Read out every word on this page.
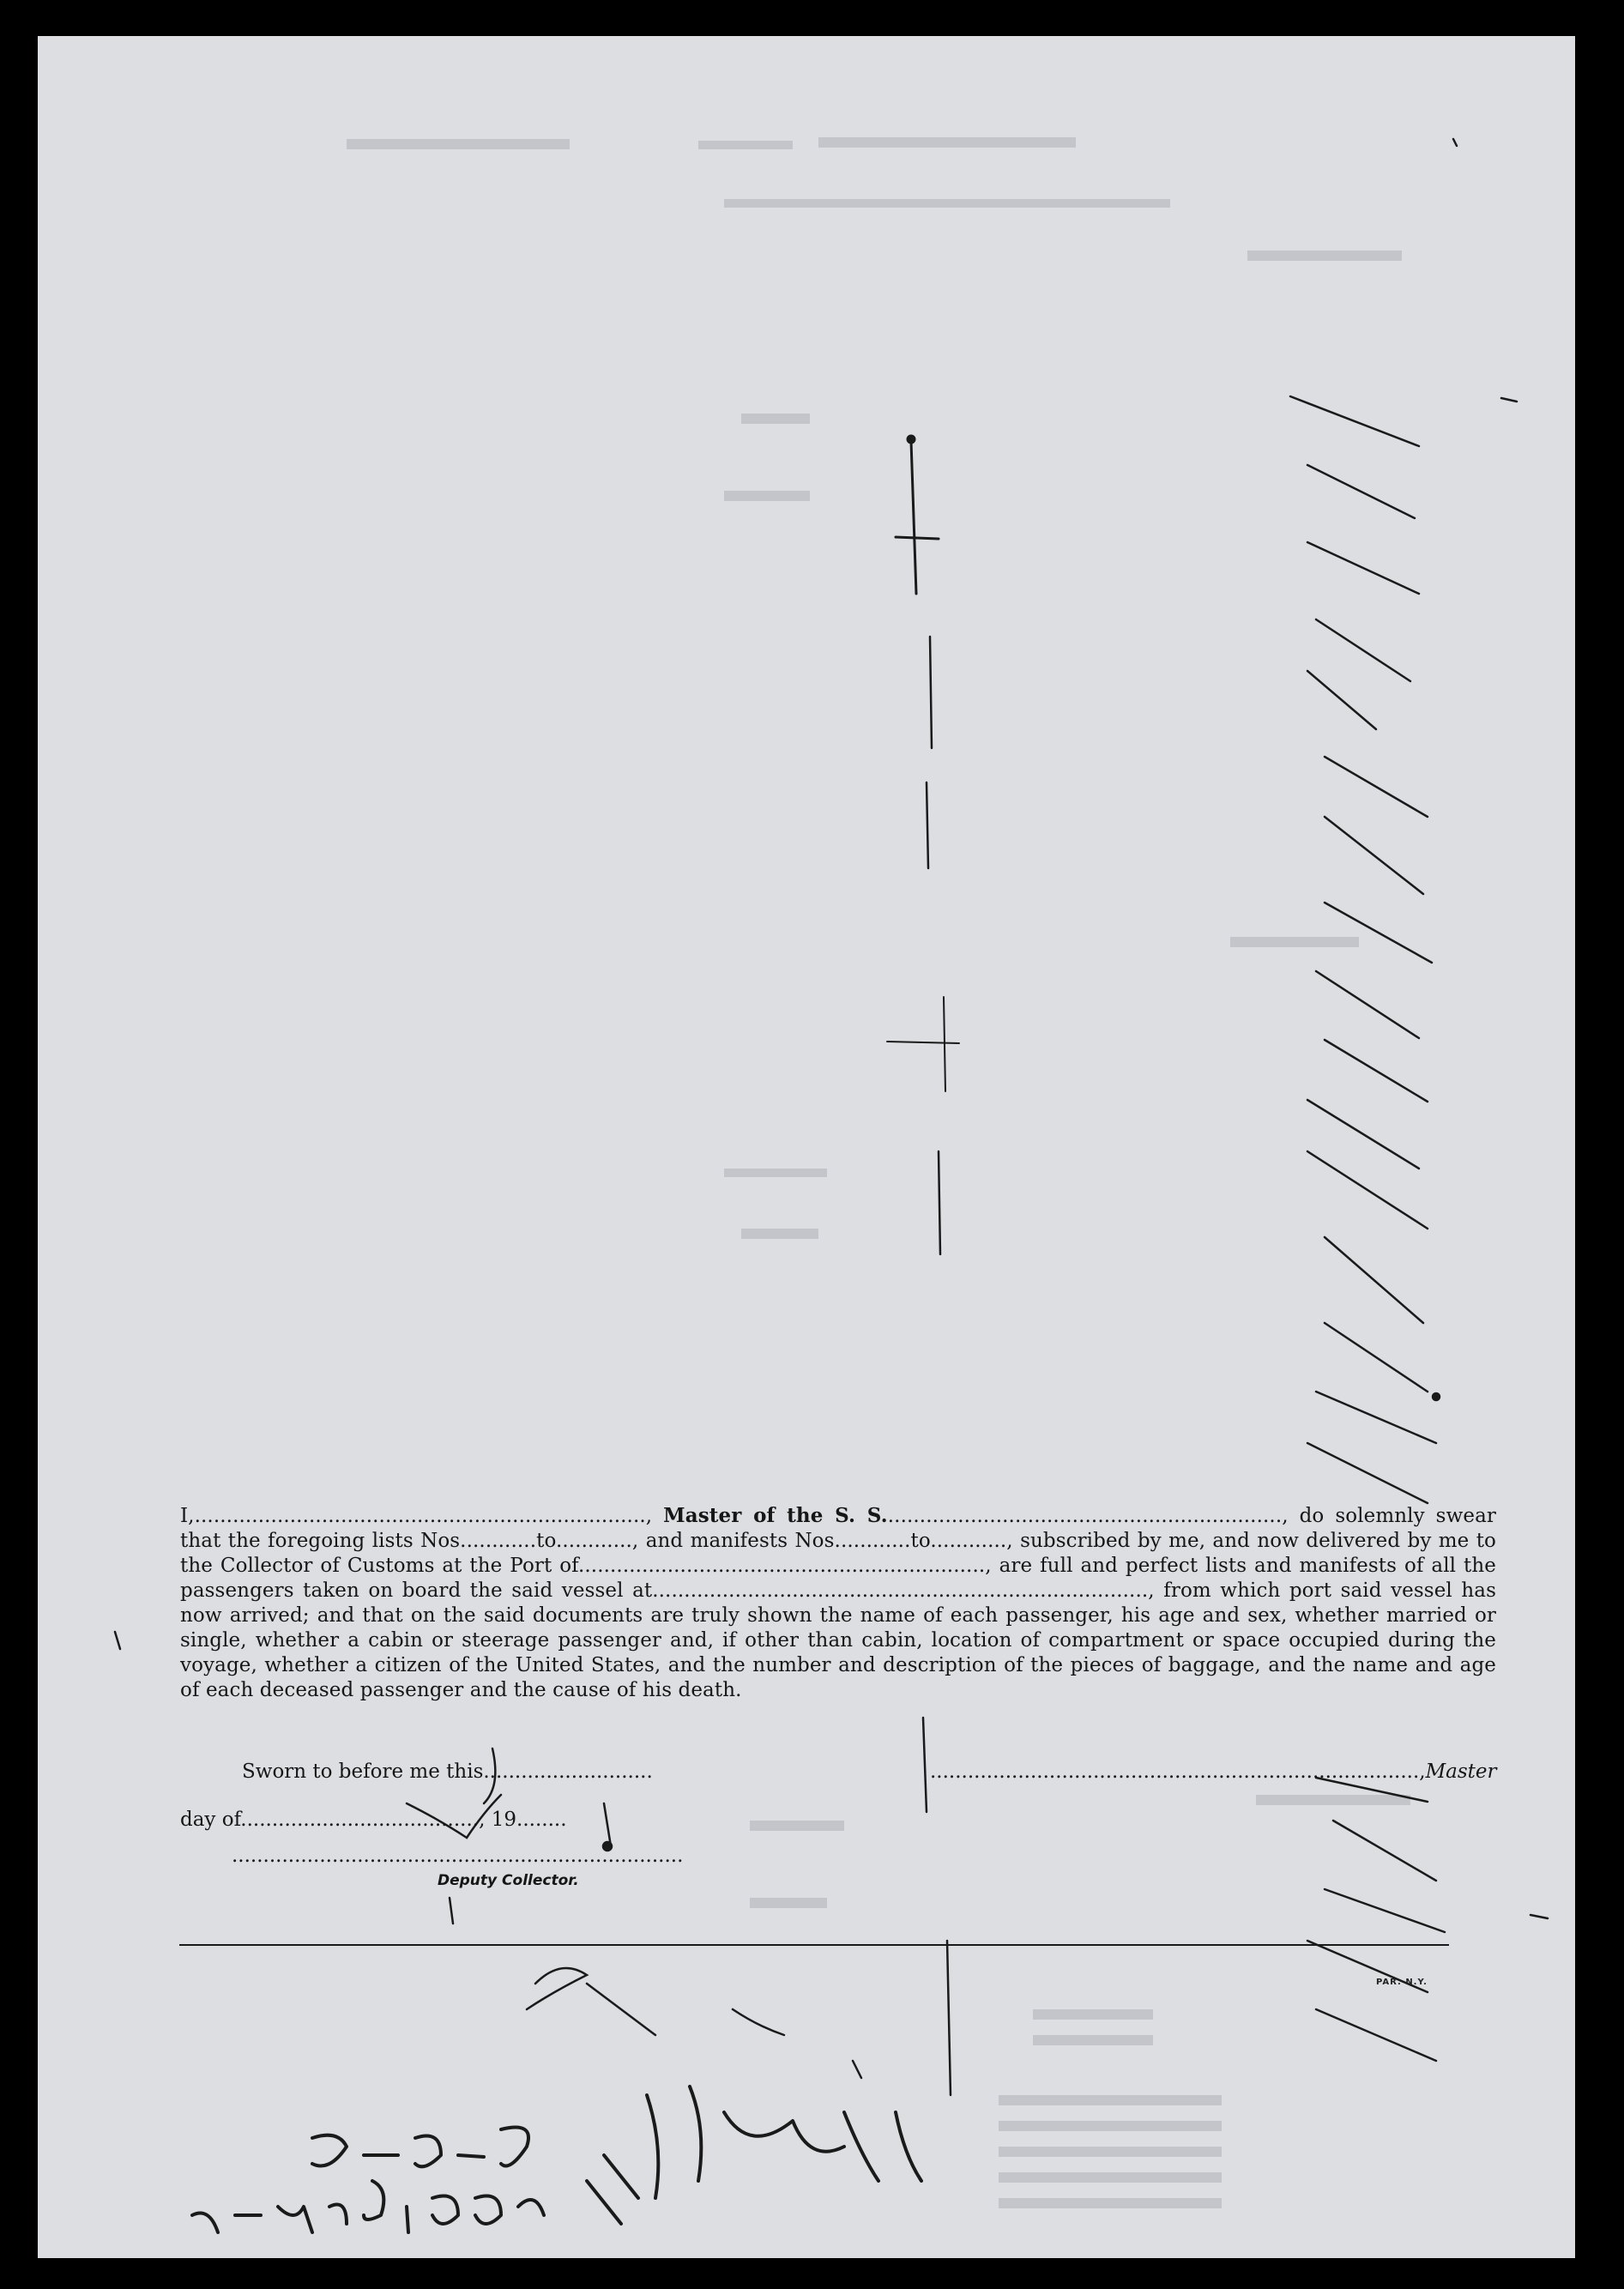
I,......................................................................., Master of the S. S..............................................................., do solemnly swear that the foregoing lists Nos............to............, and manifests Nos............to............, subscribed by me, and now delivered by me to the Collector of Customs at the Port of................................................................, are full and perfect lists and manifests of all the passengers taken on board the said vessel at.............................................................................., from which port said vessel has now arrived; and that on the said documents are truly shown the name of each passenger, his age and sex, whether married or single, whether a cabin or steerage passenger and, if other than cabin, location of compartment or space occupied during the voyage, whether a citizen of the United States, and the number and description of the pieces of baggage, and the name and age of each deceased passenger and the cause of his death.
Sworn to before me this...........................	..............................................................................,Master
day of......................................, 19........
........................................................................
Deputy Collector.
PAR. N.Y.
